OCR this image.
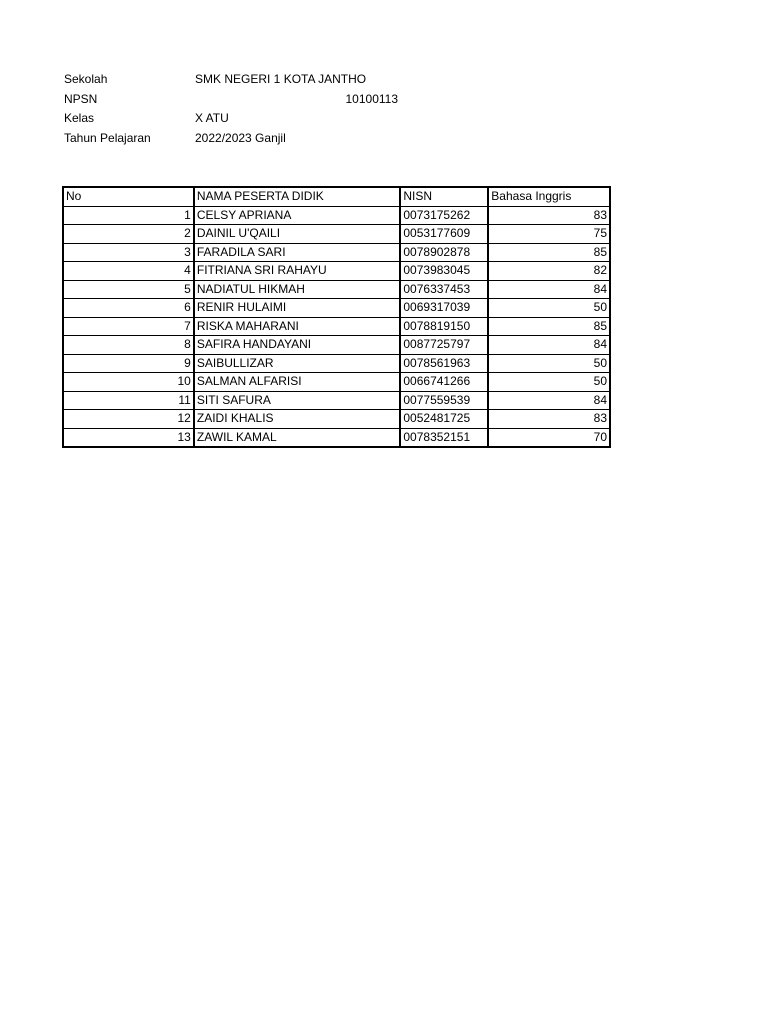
Sekolah	SMK NEGERI 1 KOTA JANTHO
NPSN	10100113
Kelas	X ATU
Tahun Pelajaran	2022/2023 Ganjil
No	NAMA PESERTA DIDIK	NISN	Bahasa Inggris
1	CELSY APRIANA	0073175262	83
2	DAINIL U'QAILI	0053177609	75
3	FARADILA SARI	0078902878	85
4	FITRIANA SRI RAHAYU	0073983045	82
5	NADIATUL HIKMAH	0076337453	84
6	RENIR HULAIMI	0069317039	50
7	RISKA MAHARANI	0078819150	85
8	SAFIRA HANDAYANI	0087725797	84
9	SAIBULLIZAR	0078561963	50
10	SALMAN ALFARISI	0066741266	50
11	SITI SAFURA	0077559539	84
12	ZAIDI KHALIS	0052481725	83
13	ZAWIL KAMAL	0078352151	70
